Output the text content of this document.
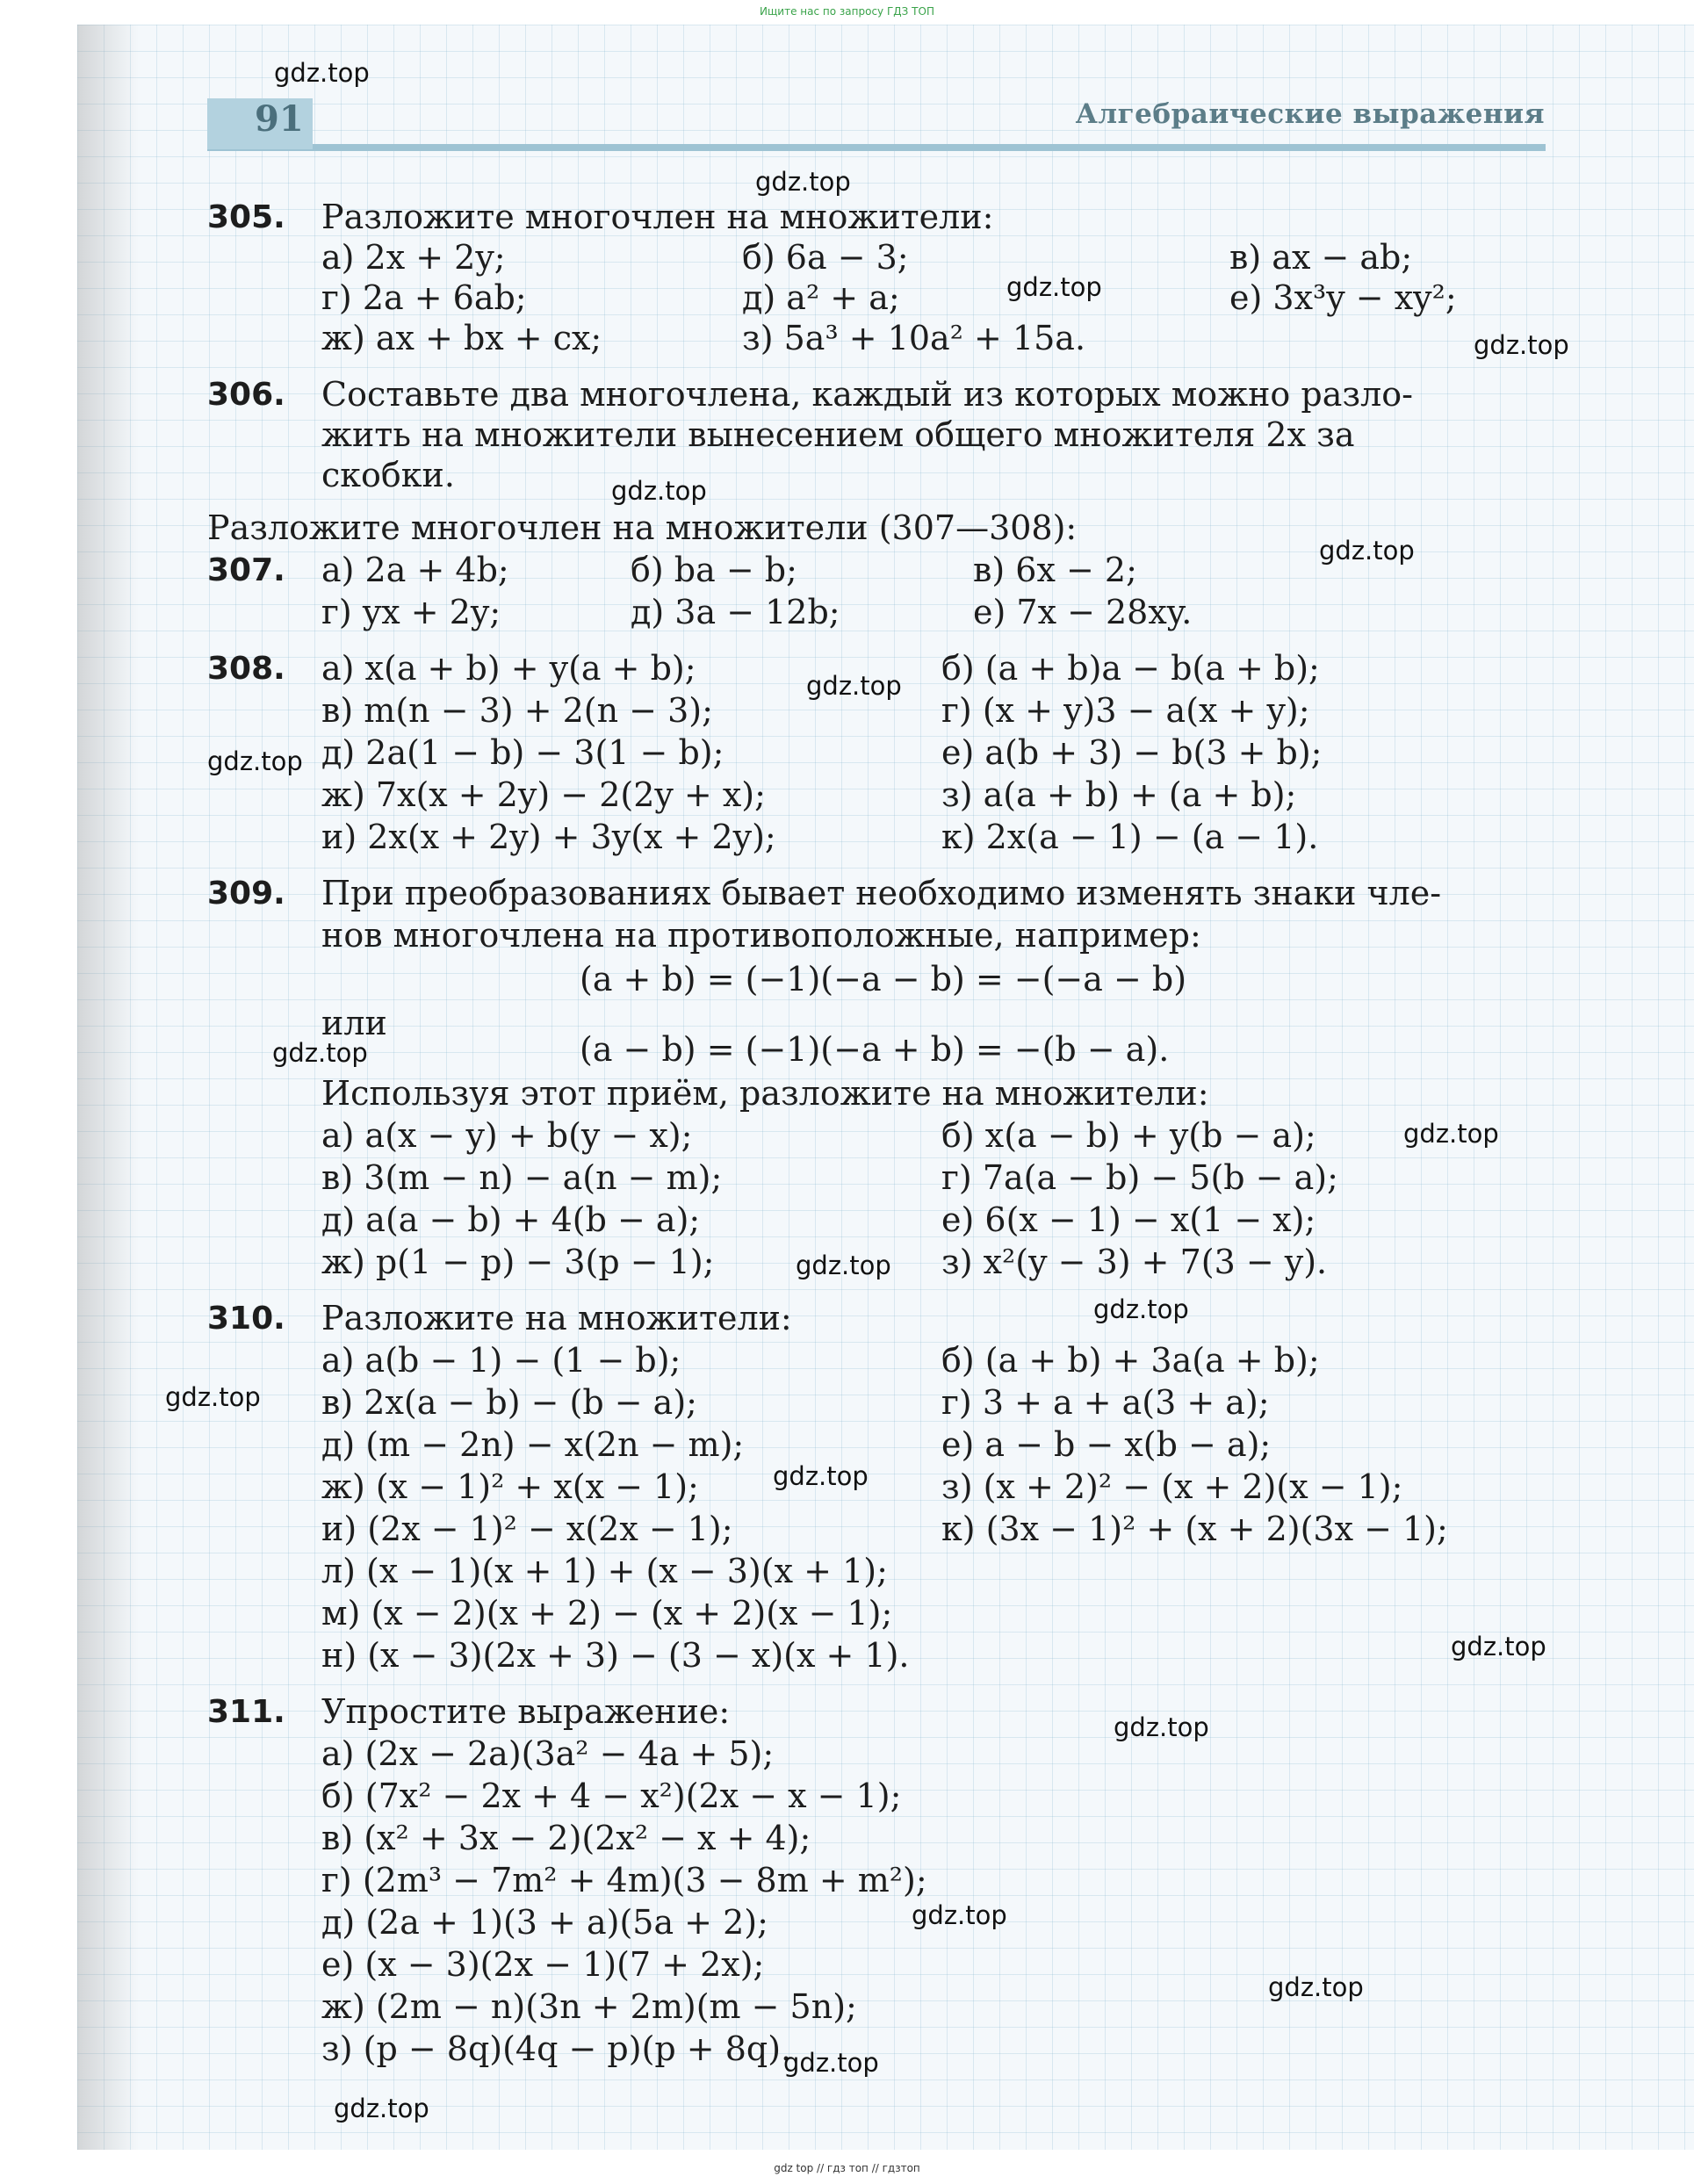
Ищите нас по запросу ГДЗ ТОП
91	Алгебраические выражения
305. Разложите многочлен на множители:
а) 2x + 2y;	б) 6a − 3;	в) ax − ab;
г) 2a + 6ab;	д) a² + a;	е) 3x³y − xy²;
ж) ax + bx + cx;	з) 5a³ + 10a² + 15a.
306. Составьте два многочлена, каждый из которых можно разло-
жить на множители вынесением общего множителя 2x за
скобки.
Разложите многочлен на множители (307—308):
307. а) 2a + 4b;	б) ba − b;	в) 6x − 2;
г) yx + 2y;	д) 3a − 12b;	е) 7x − 28xy.
308. а) x(a + b) + y(a + b);	б) (a + b)a − b(a + b);
в) m(n − 3) + 2(n − 3);	г) (x + y)3 − a(x + y);
д) 2a(1 − b) − 3(1 − b);	е) a(b + 3) − b(3 + b);
ж) 7x(x + 2y) − 2(2y + x);	з) a(a + b) + (a + b);
и) 2x(x + 2y) + 3y(x + 2y);	к) 2x(a − 1) − (a − 1).
309. При преобразованиях бывает необходимо изменять знаки чле-
нов многочлена на противоположные, например:
(a + b) = (−1)(−a − b) = −(−a − b)
или
(a − b) = (−1)(−a + b) = −(b − a).
Используя этот приём, разложите на множители:
а) a(x − y) + b(y − x);	б) x(a − b) + y(b − a);
в) 3(m − n) − a(n − m);	г) 7a(a − b) − 5(b − a);
д) a(a − b) + 4(b − a);	е) 6(x − 1) − x(1 − x);
ж) p(1 − p) − 3(p − 1);	з) x²(y − 3) + 7(3 − y).
310. Разложите на множители:
а) a(b − 1) − (1 − b);	б) (a + b) + 3a(a + b);
в) 2x(a − b) − (b − a);	г) 3 + a + a(3 + a);
д) (m − 2n) − x(2n − m);	е) a − b − x(b − a);
ж) (x − 1)² + x(x − 1);	з) (x + 2)² − (x + 2)(x − 1);
и) (2x − 1)² − x(2x − 1);	к) (3x − 1)² + (x + 2)(3x − 1);
л) (x − 1)(x + 1) + (x − 3)(x + 1);
м) (x − 2)(x + 2) − (x + 2)(x − 1);
н) (x − 3)(2x + 3) − (3 − x)(x + 1).
311. Упростите выражение:
а) (2x − 2a)(3a² − 4a + 5);
б) (7x² − 2x + 4 − x²)(2x − x − 1);
в) (x² + 3x − 2)(2x² − x + 4);
г) (2m³ − 7m² + 4m)(3 − 8m + m²);
д) (2a + 1)(3 + a)(5a + 2);
е) (x − 3)(2x − 1)(7 + 2x);
ж) (2m − n)(3n + 2m)(m − 5n);
з) (p − 8q)(4q − p)(p + 8q).
gdz.top
gdz.top
gdz.top
gdz.top
gdz.top
gdz.top
gdz.top
gdz.top
gdz.top
gdz.top
gdz.top
gdz.top
gdz.top
gdz.top
gdz.top
gdz.top
gdz.top
gdz.top
gdz.top
gdz.top
gdz top // гдз топ // гдзтоп
